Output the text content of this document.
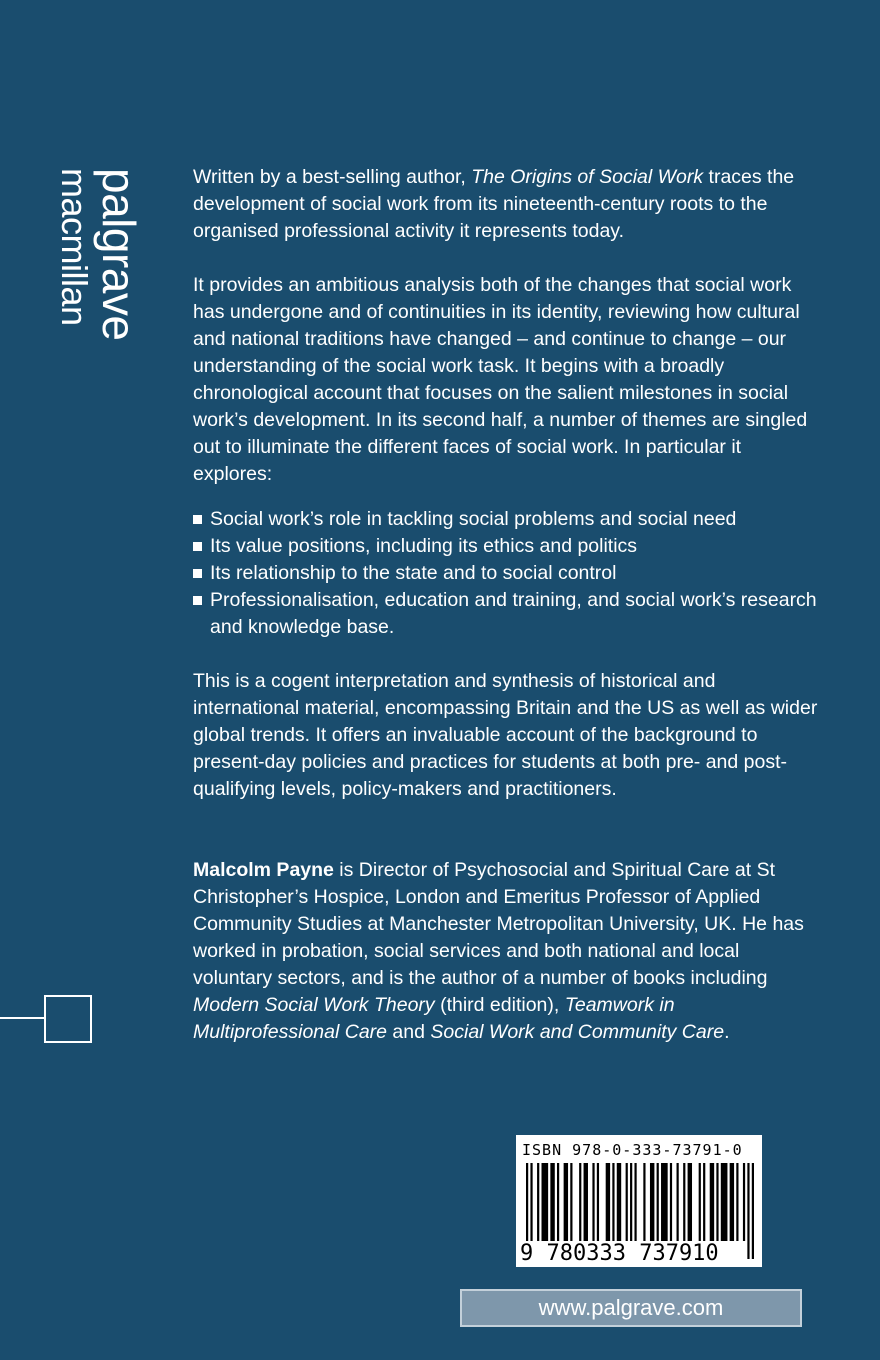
palgrave
macmillan	Written by a best-selling author, The Origins of Social Work traces the development of social work from its nineteenth-century roots to the organised professional activity it represents today.

It provides an ambitious analysis both of the changes that social work has undergone and of continuities in its identity, reviewing how cultural and national traditions have changed – and continue to change – our understanding of the social work task. It begins with a broadly chronological account that focuses on the salient milestones in social work’s development. In its second half, a number of themes are singled out to illuminate the different faces of social work. In particular it explores:

Social work’s role in tackling social problems and social need
Its value positions, including its ethics and politics
Its relationship to the state and to social control
Professionalisation, education and training, and social work’s research and knowledge base.

This is a cogent interpretation and synthesis of historical and international material, encompassing Britain and the US as well as wider global trends. It offers an invaluable account of the background to present-day policies and practices for students at both pre- and post-qualifying levels, policy-makers and practitioners.

Malcolm Payne is Director of Psychosocial and Spiritual Care at St Christopher’s Hospice, London and Emeritus Professor of Applied Community Studies at Manchester Metropolitan University, UK. He has worked in probation, social services and both national and local voluntary sectors, and is the author of a number of books including Modern Social Work Theory (third edition), Teamwork in Multiprofessional Care and Social Work and Community Care.

ISBN 978-0-333-73791-0
9 780333 737910
www.palgrave.com
